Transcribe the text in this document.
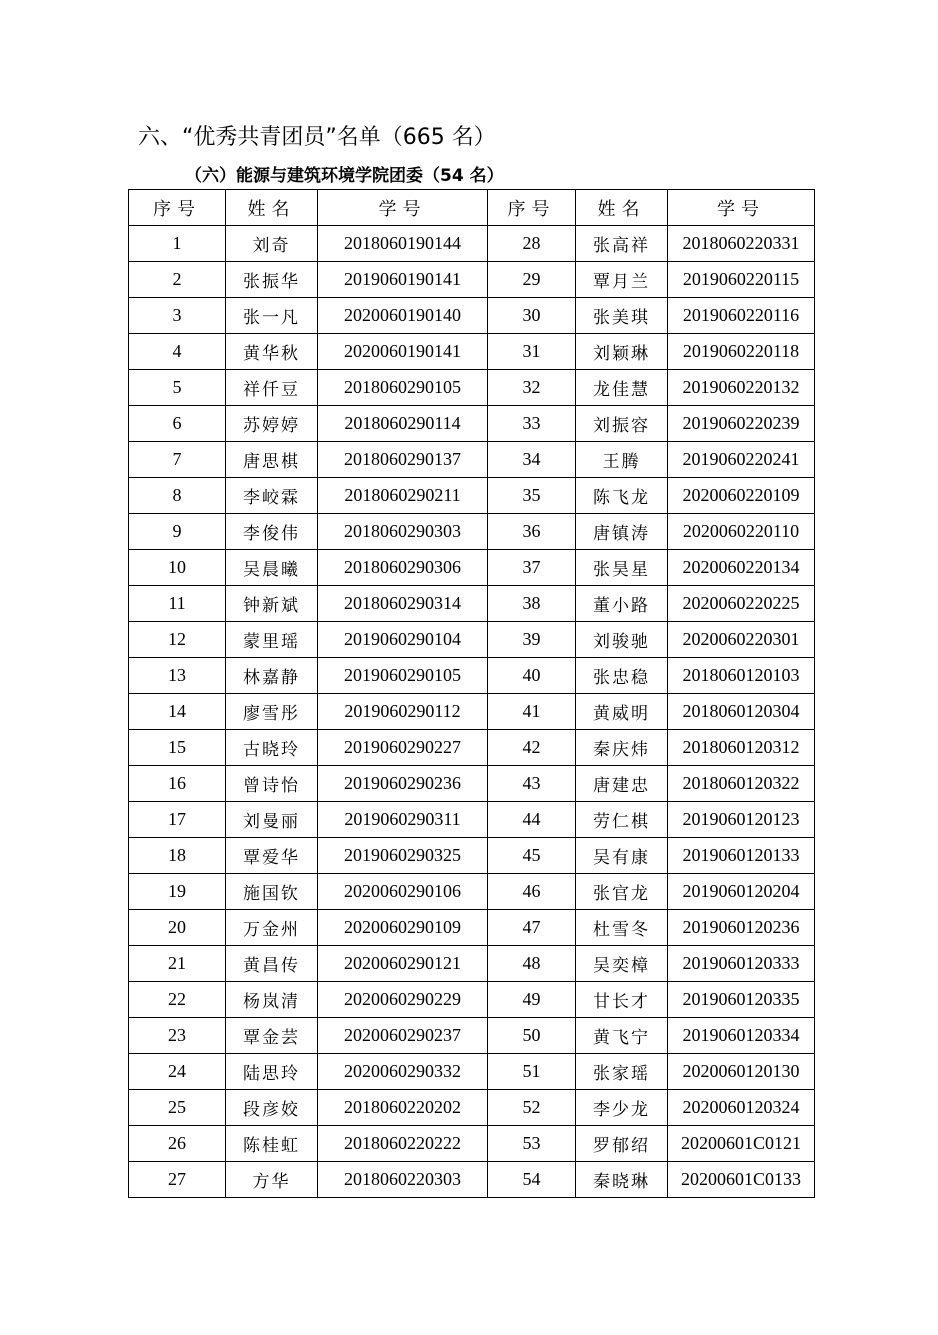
六、“优秀共青团员”名单（665 名）
（六）能源与建筑环境学院团委（54 名）
序号	姓名	学号	序号	姓名	学号
1	刘奇	2018060190144	28	张高祥	2018060220331
2	张振华	2019060190141	29	覃月兰	2019060220115
3	张一凡	2020060190140	30	张美琪	2019060220116
4	黄华秋	2020060190141	31	刘颖琳	2019060220118
5	祥仟豆	2018060290105	32	龙佳慧	2019060220132
6	苏婷婷	2018060290114	33	刘振容	2019060220239
7	唐思棋	2018060290137	34	王腾	2019060220241
8	李峧霖	2018060290211	35	陈飞龙	2020060220109
9	李俊伟	2018060290303	36	唐镇涛	2020060220110
10	吴晨曦	2018060290306	37	张昊星	2020060220134
11	钟新斌	2018060290314	38	董小路	2020060220225
12	蒙里瑶	2019060290104	39	刘骏驰	2020060220301
13	林嘉静	2019060290105	40	张忠稳	2018060120103
14	廖雪彤	2019060290112	41	黄威明	2018060120304
15	古晓玲	2019060290227	42	秦庆炜	2018060120312
16	曾诗怡	2019060290236	43	唐建忠	2018060120322
17	刘曼丽	2019060290311	44	劳仁棋	2019060120123
18	覃爱华	2019060290325	45	吴有康	2019060120133
19	施国钦	2020060290106	46	张官龙	2019060120204
20	万金州	2020060290109	47	杜雪冬	2019060120236
21	黄昌传	2020060290121	48	吴奕樟	2019060120333
22	杨岚清	2020060290229	49	甘长才	2019060120335
23	覃金芸	2020060290237	50	黄飞宁	2019060120334
24	陆思玲	2020060290332	51	张家瑶	2020060120130
25	段彦姣	2018060220202	52	李少龙	2020060120324
26	陈桂虹	2018060220222	53	罗郁绍	20200601C0121
27	方华	2018060220303	54	秦晓琳	20200601C0133
